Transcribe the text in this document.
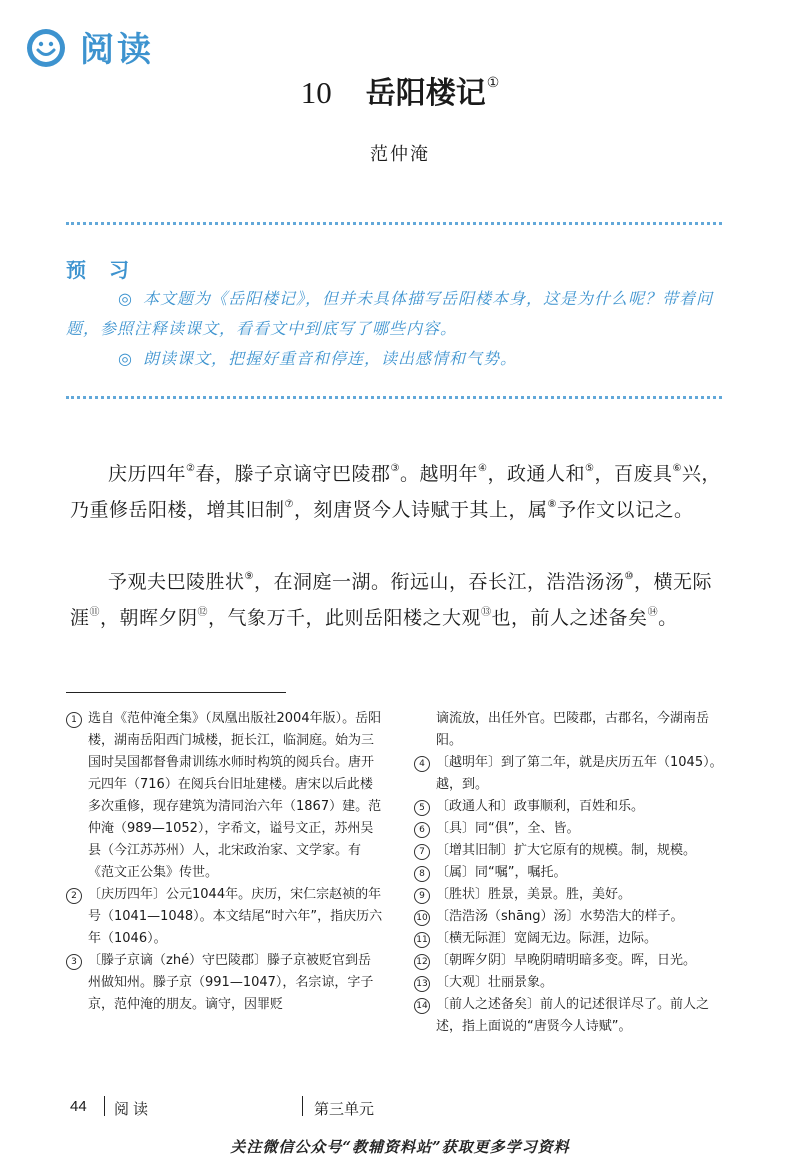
阅读
10 岳阳楼记①
范仲淹
预 习
◎ 本文题为《岳阳楼记》，但并未具体描写岳阳楼本身，这是为什么呢？带着问题，参照注释读课文，看看文中到底写了哪些内容。
◎ 朗读课文，把握好重音和停连，读出感情和气势。
庆历四年②春，滕子京谪守巴陵郡③。越明年④，政通人和⑤，百废具⑥兴，乃重修岳阳楼，增其旧制⑦，刻唐贤今人诗赋于其上，属⑧予作文以记之。
予观夫巴陵胜状⑨，在洞庭一湖。衔远山，吞长江，浩浩汤汤⑩，横无际涯⑪，朝晖夕阴⑫，气象万千，此则岳阳楼之大观⑬也，前人之述备矣⑭。
1 选自《范仲淹全集》（凤凰出版社2004年版）。岳阳楼，湖南岳阳西门城楼，扼长江，临洞庭。始为三国时吴国都督鲁肃训练水师时构筑的阅兵台。唐开元四年（716）在阅兵台旧址建楼。唐宋以后此楼多次重修，现存建筑为清同治六年（1867）建。范仲淹（989—1052），字希文，谥号文正，苏州吴县（今江苏苏州）人，北宋政治家、文学家。有《范文正公集》传世。
2 〔庆历四年〕公元1044年。庆历，宋仁宗赵祯的年号（1041—1048）。本文结尾“时六年”，指庆历六年（1046）。
3 〔滕子京谪（zhé）守巴陵郡〕滕子京被贬官到岳州做知州。滕子京（991—1047），名宗谅，字子京，范仲淹的朋友。谪守，因罪贬
谪流放，出任外官。巴陵郡，古郡名，今湖南岳阳。
4 〔越明年〕到了第二年，就是庆历五年（1045）。越，到。
5 〔政通人和〕政事顺利，百姓和乐。
6 〔具〕同“俱”，全、皆。
7 〔增其旧制〕扩大它原有的规模。制，规模。
8 〔属〕同“嘱”，嘱托。
9 〔胜状〕胜景，美景。胜，美好。
10 〔浩浩汤（shāng）汤〕水势浩大的样子。
11 〔横无际涯〕宽阔无边。际涯，边际。
12 〔朝晖夕阴〕早晚阴晴明暗多变。晖，日光。
13 〔大观〕壮丽景象。
14 〔前人之述备矣〕前人的记述很详尽了。前人之述，指上面说的“唐贤今人诗赋”。
44 阅读	第三单元
关注微信公众号“教辅资料站”获取更多学习资料
